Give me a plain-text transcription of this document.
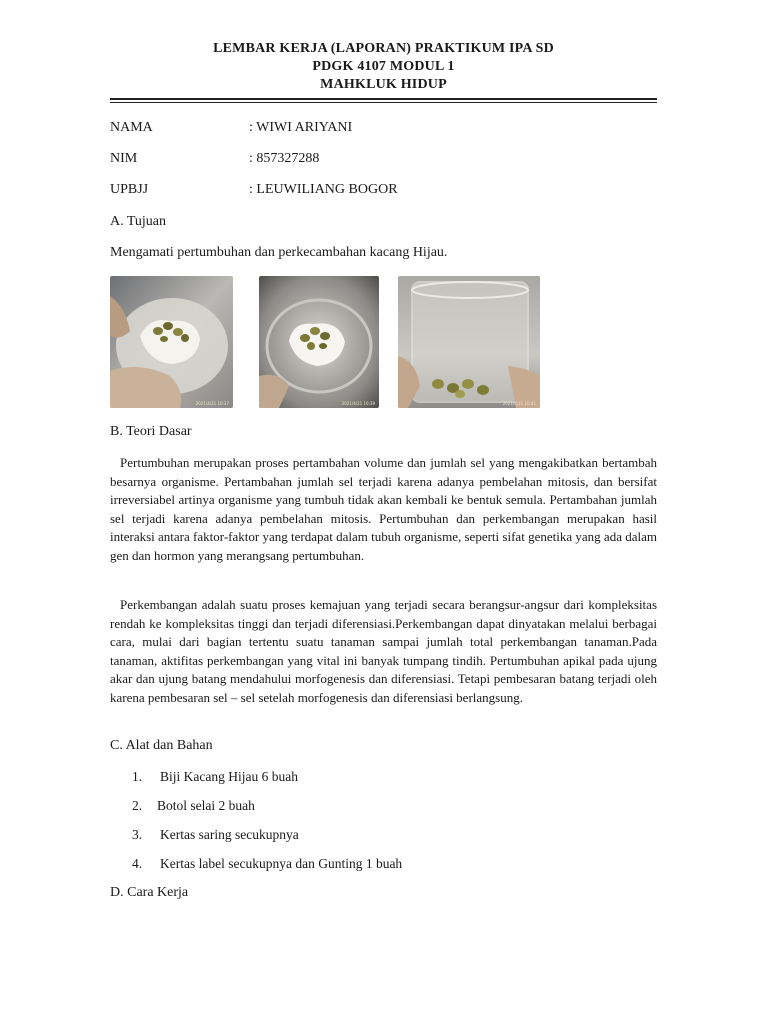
LEMBAR KERJA (LAPORAN) PRAKTIKUM IPA SD
PDGK 4107 MODUL 1
MAHKLUK HIDUP
NAMA	: WIWI ARIYANI
NIM	: 857327288
UPBJJ	: LEUWILIANG BOGOR
A. Tujuan
Mengamati pertumbuhan dan perkecambahan kacang Hijau.
2021/4/21 10:37	2021/4/21 10:39	2021/4/21 10:41
B. Teori Dasar
Pertumbuhan merupakan proses pertambahan volume dan jumlah sel yang mengakibatkan bertambah besarnya organisme. Pertambahan jumlah sel terjadi karena adanya pembelahan mitosis, dan bersifat irreversiabel artinya organisme yang tumbuh tidak akan kembali ke bentuk semula. Pertambahan jumlah sel terjadi karena adanya pembelahan mitosis. Pertumbuhan dan perkembangan merupakan hasil interaksi antara faktor-faktor yang terdapat dalam tubuh organisme, seperti sifat genetika yang ada dalam gen dan hormon yang merangsang pertumbuhan.
Perkembangan adalah suatu proses kemajuan yang terjadi secara berangsur-angsur dari kompleksitas rendah ke kompleksitas tinggi dan terjadi diferensiasi.Perkembangan dapat dinyatakan melalui berbagai cara, mulai dari bagian tertentu suatu tanaman sampai jumlah total perkembangan tanaman.Pada tanaman, aktifitas perkembangan yang vital ini banyak tumpang tindih. Pertumbuhan apikal pada ujung akar dan ujung batang mendahului morfogenesis dan diferensiasi. Tetapi pembesaran batang terjadi oleh karena pembesaran sel – sel setelah morfogenesis dan diferensiasi berlangsung.
C. Alat dan Bahan
1. Biji Kacang Hijau 6 buah
2. Botol selai 2 buah
3. Kertas saring secukupnya
4. Kertas label secukupnya dan Gunting 1 buah
D. Cara Kerja
